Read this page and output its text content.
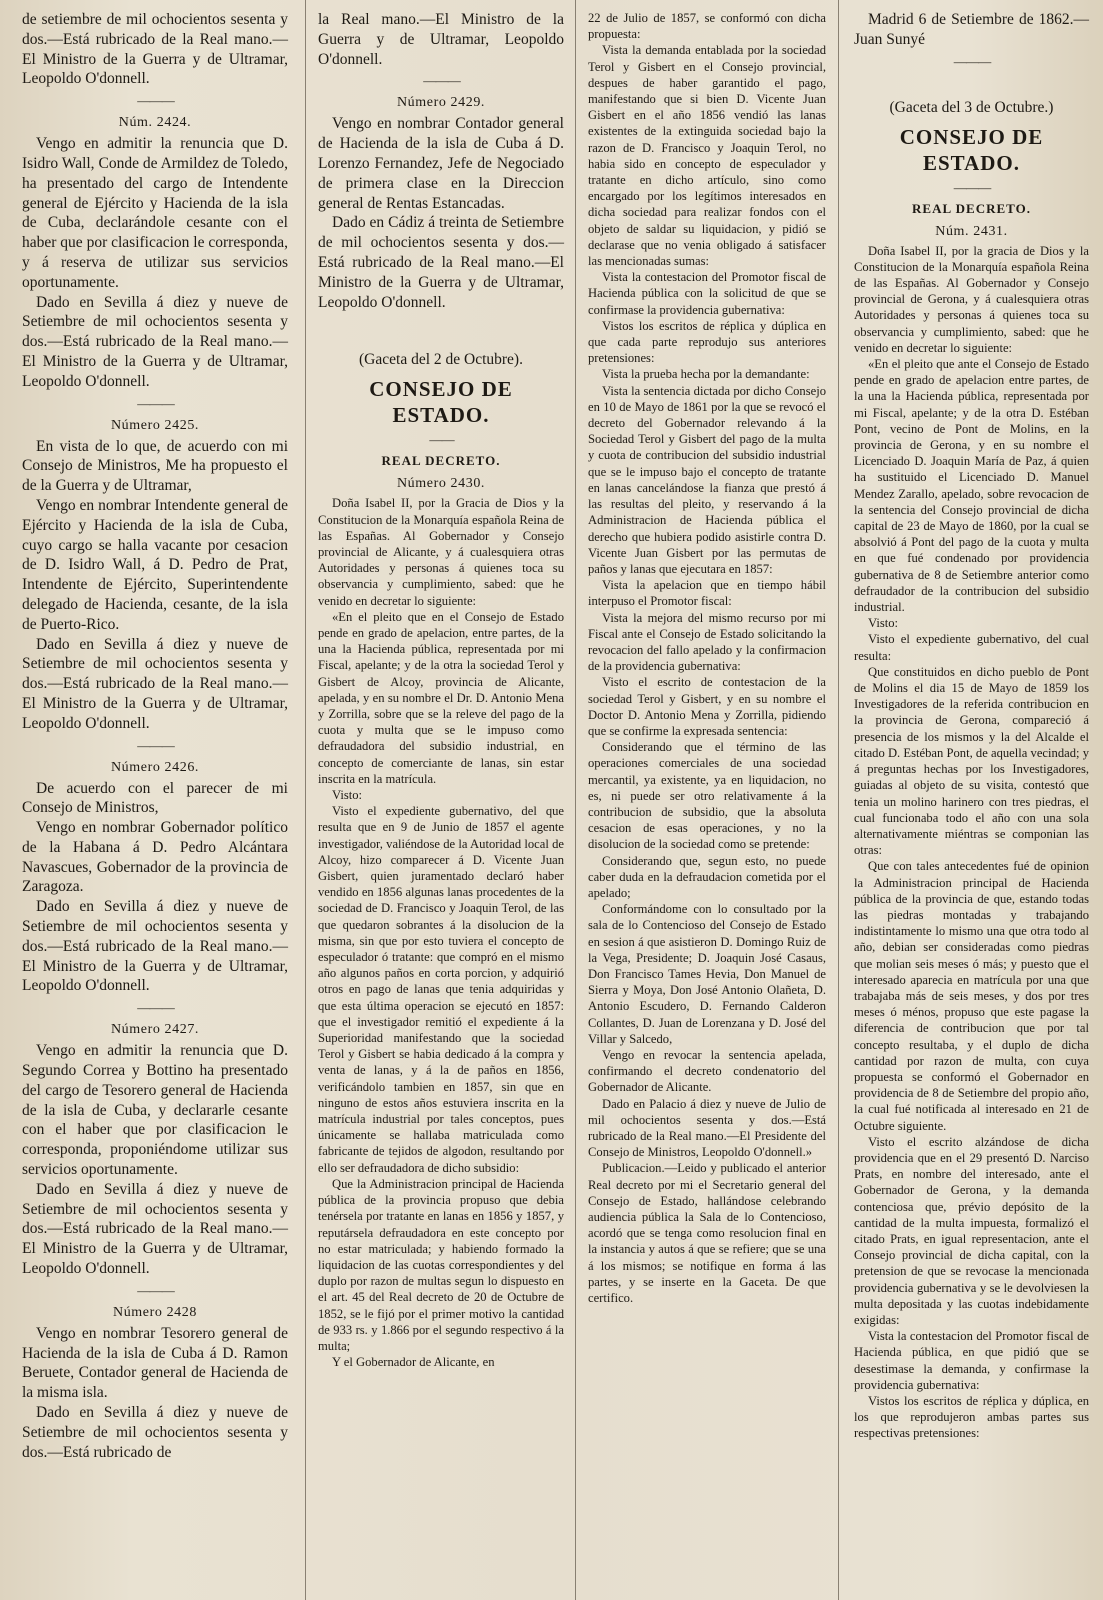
de setiembre de mil ochocientos sesenta y dos.—Está rubricado de la Real mano.—El Ministro de la Guerra y de Ultramar, Leopoldo O'donnell.

— — —

Núm. 2424.

Vengo en admitir la renuncia que D. Isidro Wall, Conde de Armildez de Toledo, ha presentado del cargo de Intendente general de Ejército y Hacienda de la isla de Cuba, declarándole cesante con el haber que por clasificacion le corresponda, y á reserva de utilizar sus servicios oportunamente.

Dado en Sevilla á diez y nueve de Setiembre de mil ochocientos sesenta y dos.—Está rubricado de la Real mano.—El Ministro de la Guerra y de Ultramar, Leopoldo O'donnell.

— — —

Número 2425.

En vista de lo que, de acuerdo con mi Consejo de Ministros, Me ha propuesto el de la Guerra y de Ultramar,

Vengo en nombrar Intendente general de Ejército y Hacienda de la isla de Cuba, cuyo cargo se halla vacante por cesacion de D. Isidro Wall, á D. Pedro de Prat, Intendente de Ejército, Superintendente delegado de Hacienda, cesante, de la isla de Puerto-Rico.

Dado en Sevilla á diez y nueve de Setiembre de mil ochocientos sesenta y dos.—Está rubricado de la Real mano.—El Ministro de la Guerra y de Ultramar, Leopoldo O'donnell.

— — —

Número 2426.

De acuerdo con el parecer de mi Consejo de Ministros,

Vengo en nombrar Gobernador político de la Habana á D. Pedro Alcántara Navascues, Gobernador de la provincia de Zaragoza.

Dado en Sevilla á diez y nueve de Setiembre de mil ochocientos sesenta y dos.—Está rubricado de la Real mano.—El Ministro de la Guerra y de Ultramar, Leopoldo O'donnell.

— — —

Número 2427.

Vengo en admitir la renuncia que D. Segundo Correa y Bottino ha presentado del cargo de Tesorero general de Hacienda de la isla de Cuba, y declararle cesante con el haber que por clasificacion le corresponda, proponiéndome utilizar sus servicios oportunamente.

Dado en Sevilla á diez y nueve de Setiembre de mil ochocientos sesenta y dos.—Está rubricado de la Real mano.—El Ministro de la Guerra y de Ultramar, Leopoldo O'donnell.

— — —

Número 2428

Vengo en nombrar Tesorero general de Hacienda de la isla de Cuba á D. Ramon Beruete, Contador general de Hacienda de la misma isla.

Dado en Sevilla á diez y nueve de Setiembre de mil ochocientos sesenta y dos.—Está rubricado de

la Real mano.—El Ministro de la Guerra y de Ultramar, Leopoldo O'donnell.

— — —

Número 2429.

Vengo en nombrar Contador general de Hacienda de la isla de Cuba á D. Lorenzo Fernandez, Jefe de Negociado de primera clase en la Direccion general de Rentas Estancadas.

Dado en Cádiz á treinta de Setiembre de mil ochocientos sesenta y dos.—Está rubricado de la Real mano.—El Ministro de la Guerra y de Ultramar, Leopoldo O'donnell.

(Gaceta del 2 de Octubre).

CONSEJO DE ESTADO.

— —

REAL DECRETO.

Número 2430.

Doña Isabel II, por la Gracia de Dios y la Constitucion de la Monarquía española Reina de las Españas. Al Gobernador y Consejo provincial de Alicante, y á cualesquiera otras Autoridades y personas á quienes toca su observancia y cumplimiento, sabed: que he venido en decretar lo siguiente:

«En el pleito que en el Consejo de Estado pende en grado de apelacion, entre partes, de la una la Hacienda pública, representada por mi Fiscal, apelante; y de la otra la sociedad Terol y Gisbert de Alcoy, provincia de Alicante, apelada, y en su nombre el Dr. D. Antonio Mena y Zorrilla, sobre que se la releve del pago de la cuota y multa que se le impuso como defraudadora del subsidio industrial, en concepto de comerciante de lanas, sin estar inscrita en la matrícula.

Visto:

Visto el expediente gubernativo, del que resulta que en 9 de Junio de 1857 el agente investigador, valiéndose de la Autoridad local de Alcoy, hizo comparecer á D. Vicente Juan Gisbert, quien juramentado declaró haber vendido en 1856 algunas lanas procedentes de la sociedad de D. Francisco y Joaquin Terol, de las que quedaron sobrantes á la disolucion de la misma, sin que por esto tuviera el concepto de especulador ó tratante: que compró en el mismo año algunos paños en corta porcion, y adquirió otros en pago de lanas que tenia adquiridas y que esta última operacion se ejecutó en 1857: que el investigador remitió el expediente á la Superioridad manifestando que la sociedad Terol y Gisbert se habia dedicado á la compra y venta de lanas, y á la de paños en 1856, verificándolo tambien en 1857, sin que en ninguno de estos años estuviera inscrita en la matrícula industrial por tales conceptos, pues únicamente se hallaba matriculada como fabricante de tejidos de algodon, resultando por ello ser defraudadora de dicho subsidio:

Que la Administracion principal de Hacienda pública de la provincia propuso que debia tenérsela por tratante en lanas en 1856 y 1857, y reputársela defraudadora en este concepto por no estar matriculada; y habiendo formado la liquidacion de las cuotas correspondientes y del duplo por razon de multas segun lo dispuesto en el art. 45 del Real decreto de 20 de Octubre de 1852, se le fijó por el primer motivo la cantidad de 933 rs. y 1.866 por el segundo respectivo á la multa;

Y el Gobernador de Alicante, en

22 de Julio de 1857, se conformó con dicha propuesta:

Vista la demanda entablada por la sociedad Terol y Gisbert en el Consejo provincial, despues de haber garantido el pago, manifestando que si bien D. Vicente Juan Gisbert en el año 1856 vendió las lanas existentes de la extinguida sociedad bajo la razon de D. Francisco y Joaquin Terol, no habia sido en concepto de especulador y tratante en dicho artículo, sino como encargado por los legítimos interesados en dicha sociedad para realizar fondos con el objeto de saldar su liquidacion, y pidió se declarase que no venia obligado á satisfacer las mencionadas sumas:

Vista la contestacion del Promotor fiscal de Hacienda pública con la solicitud de que se confirmase la providencia gubernativa:

Vistos los escritos de réplica y dúplica en que cada parte reprodujo sus anteriores pretensiones:

Vista la prueba hecha por la demandante:

Vista la sentencia dictada por dicho Consejo en 10 de Mayo de 1861 por la que se revocó el decreto del Gobernador relevando á la Sociedad Terol y Gisbert del pago de la multa y cuota de contribucion del subsidio industrial que se le impuso bajo el concepto de tratante en lanas cancelándose la fianza que prestó á las resultas del pleito, y reservando á la Administracion de Hacienda pública el derecho que hubiera podido asistirle contra D. Vicente Juan Gisbert por las permutas de paños y lanas que ejecutara en 1857:

Vista la apelacion que en tiempo hábil interpuso el Promotor fiscal:

Vista la mejora del mismo recurso por mi Fiscal ante el Consejo de Estado solicitando la revocacion del fallo apelado y la confirmacion de la providencia gubernativa:

Visto el escrito de contestacion de la sociedad Terol y Gisbert, y en su nombre el Doctor D. Antonio Mena y Zorrilla, pidiendo que se confirme la expresada sentencia:

Considerando que el término de las operaciones comerciales de una sociedad mercantil, ya existente, ya en liquidacion, no es, ni puede ser otro relativamente á la contribucion de subsidio, que la absoluta cesacion de esas operaciones, y no la disolucion de la sociedad como se pretende:

Considerando que, segun esto, no puede caber duda en la defraudacion cometida por el apelado;

Conformándome con lo consultado por la sala de lo Contencioso del Consejo de Estado en sesion á que asistieron D. Domingo Ruiz de la Vega, Presidente; D. Joaquin José Casaus, Don Francisco Tames Hevia, Don Manuel de Sierra y Moya, Don José Antonio Olañeta, D. Antonio Escudero, D. Fernando Calderon Collantes, D. Juan de Lorenzana y D. José del Villar y Salcedo,

Vengo en revocar la sentencia apelada, confirmando el decreto condenatorio del Gobernador de Alicante.

Dado en Palacio á diez y nueve de Julio de mil ochocientos sesenta y dos.—Está rubricado de la Real mano.—El Presidente del Consejo de Ministros, Leopoldo O'donnell.»

Publicacion.—Leido y publicado el anterior Real decreto por mi el Secretario general del Consejo de Estado, hallándose celebrando audiencia pública la Sala de lo Contencioso, acordó que se tenga como resolucion final en la instancia y autos á que se refiere; que se una á los mismos; se notifique en forma á las partes, y se inserte en la Gaceta. De que certifico.

Madrid 6 de Setiembre de 1862.—Juan Sunyé

— — —

(Gaceta del 3 de Octubre.)

CONSEJO DE ESTADO.

— — —

REAL DECRETO.

Núm. 2431.

Doña Isabel II, por la gracia de Dios y la Constitucion de la Monarquía española Reina de las Españas. Al Gobernador y Consejo provincial de Gerona, y á cualesquiera otras Autoridades y personas á quienes toca su observancia y cumplimiento, sabed: que he venido en decretar lo siguiente:

«En el pleito que ante el Consejo de Estado pende en grado de apelacion entre partes, de la una la Hacienda pública, representada por mi Fiscal, apelante; y de la otra D. Estéban Pont, vecino de Pont de Molins, en la provincia de Gerona, y en su nombre el Licenciado D. Joaquin María de Paz, á quien ha sustituido el Licenciado D. Manuel Mendez Zarallo, apelado, sobre revocacion de la sentencia del Consejo provincial de dicha capital de 23 de Mayo de 1860, por la cual se absolvió á Pont del pago de la cuota y multa en que fué condenado por providencia gubernativa de 8 de Setiembre anterior como defraudador de la contribucion del subsidio industrial.

Visto:

Visto el expediente gubernativo, del cual resulta:

Que constituidos en dicho pueblo de Pont de Molins el dia 15 de Mayo de 1859 los Investigadores de la referida contribucion en la provincia de Gerona, compareció á presencia de los mismos y la del Alcalde el citado D. Estéban Pont, de aquella vecindad; y á preguntas hechas por los Investigadores, guiadas al objeto de su visita, contestó que tenia un molino harinero con tres piedras, el cual funcionaba todo el año con una sola alternativamente miéntras se componian las otras:

Que con tales antecedentes fué de opinion la Administracion principal de Hacienda pública de la provincia de que, estando todas las piedras montadas y trabajando indistintamente lo mismo una que otra todo al año, debian ser consideradas como piedras que molian seis meses ó más; y puesto que el interesado aparecia en matrícula por una que trabajaba más de seis meses, y dos por tres meses ó ménos, propuso que este pagase la diferencia de contribucion que por tal concepto resultaba, y el duplo de dicha cantidad por razon de multa, con cuya propuesta se conformó el Gobernador en providencia de 8 de Setiembre del propio año, la cual fué notificada al interesado en 21 de Octubre siguiente.

Visto el escrito alzándose de dicha providencia que en el 29 presentó D. Narciso Prats, en nombre del interesado, ante el Gobernador de Gerona, y la demanda contenciosa que, prévio depósito de la cantidad de la multa impuesta, formalizó el citado Prats, en igual representacion, ante el Consejo provincial de dicha capital, con la pretension de que se revocase la mencionada providencia gubernativa y se le devolviesen la multa depositada y las cuotas indebidamente exigidas:

Vista la contestacion del Promotor fiscal de Hacienda pública, en que pidió que se desestimase la demanda, y confirmase la providencia gubernativa:

Vistos los escritos de réplica y dúplica, en los que reprodujeron ambas partes sus respectivas pretensiones:
